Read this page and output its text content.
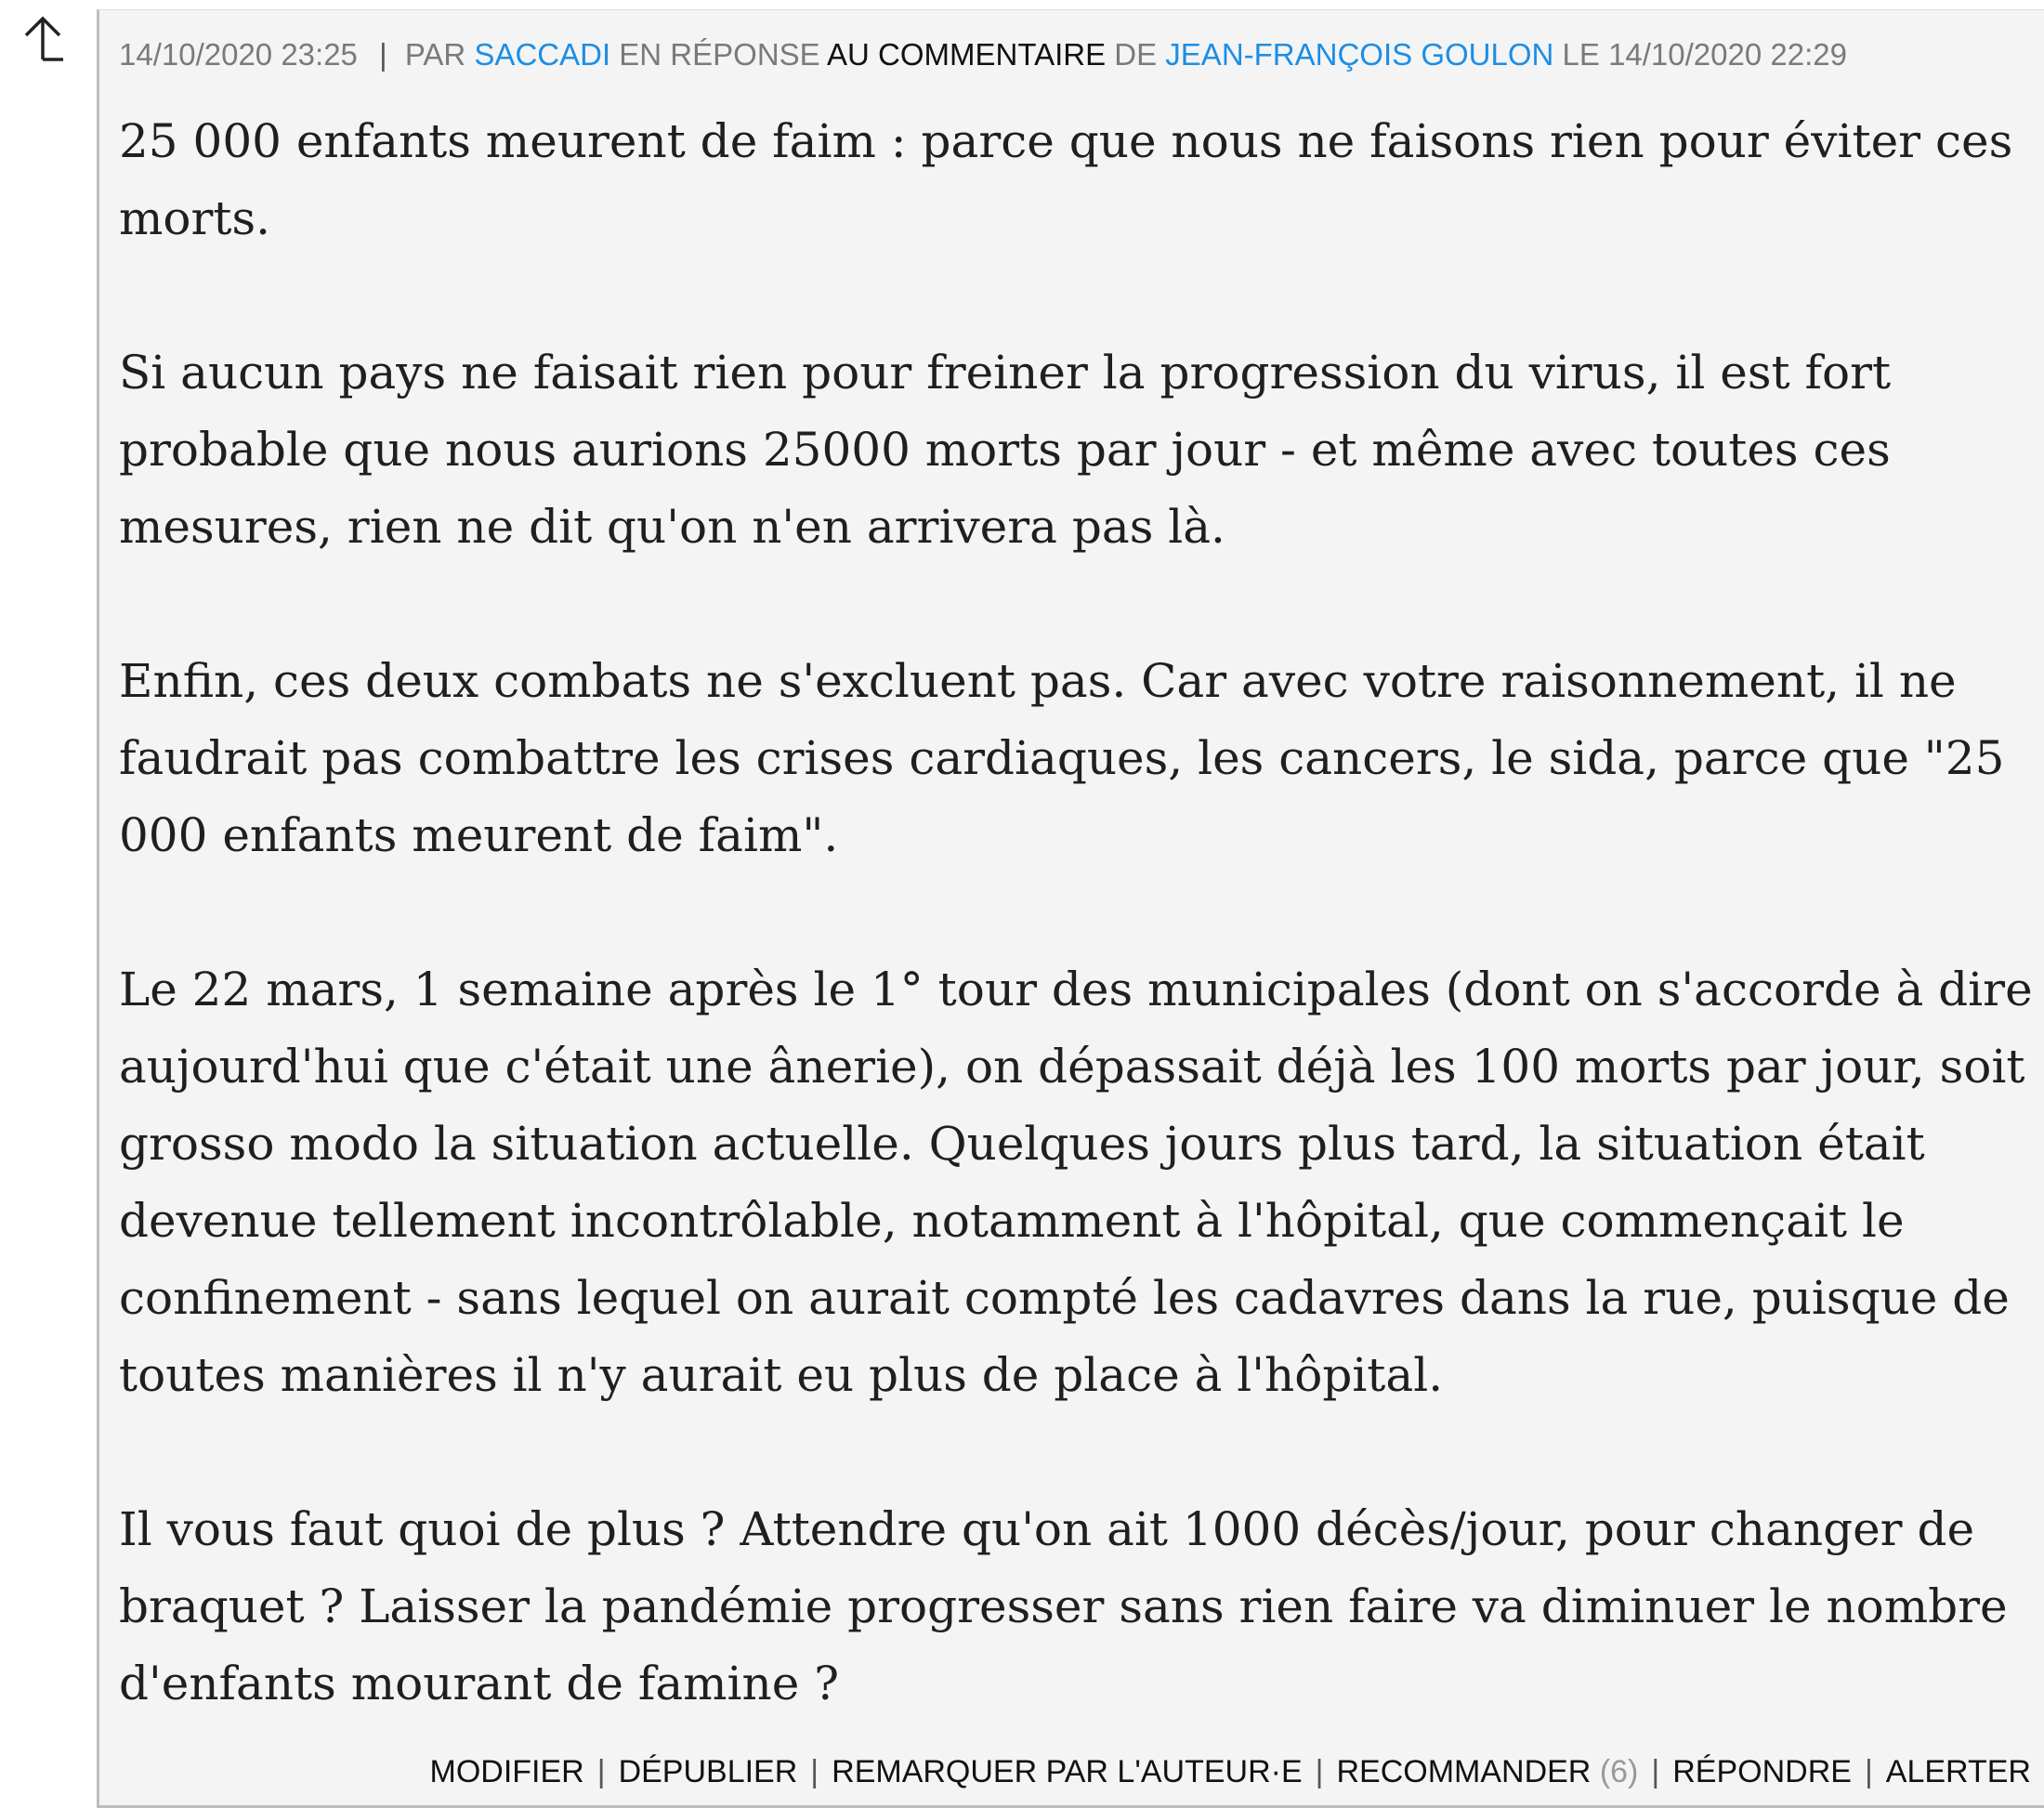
14/10/2020 23:25 | PAR SACCADI EN RÉPONSE AU COMMENTAIRE DE JEAN-FRANÇOIS GOULON LE 14/10/2020 22:29

25 000 enfants meurent de faim : parce que nous ne faisons rien pour éviter ces morts.

Si aucun pays ne faisait rien pour freiner la progression du virus, il est fort probable que nous aurions 25000 morts par jour - et même avec toutes ces mesures, rien ne dit qu'on n'en arrivera pas là.

Enfin, ces deux combats ne s'excluent pas. Car avec votre raisonnement, il ne faudrait pas combattre les crises cardiaques, les cancers, le sida, parce que "25 000 enfants meurent de faim".

Le 22 mars, 1 semaine après le 1° tour des municipales (dont on s'accorde à dire aujourd'hui que c'était une ânerie), on dépassait déjà les 100 morts par jour, soit grosso modo la situation actuelle. Quelques jours plus tard, la situation était devenue tellement incontrôlable, notamment à l'hôpital, que commençait le confinement - sans lequel on aurait compté les cadavres dans la rue, puisque de toutes manières il n'y aurait eu plus de place à l'hôpital.

Il vous faut quoi de plus ? Attendre qu'on ait 1000 décès/jour, pour changer de braquet ? Laisser la pandémie progresser sans rien faire va diminuer le nombre d'enfants mourant de famine ?

MODIFIER | DÉPUBLIER | REMARQUER PAR L'AUTEUR·E | RECOMMANDER (6) | RÉPONDRE | ALERTER
